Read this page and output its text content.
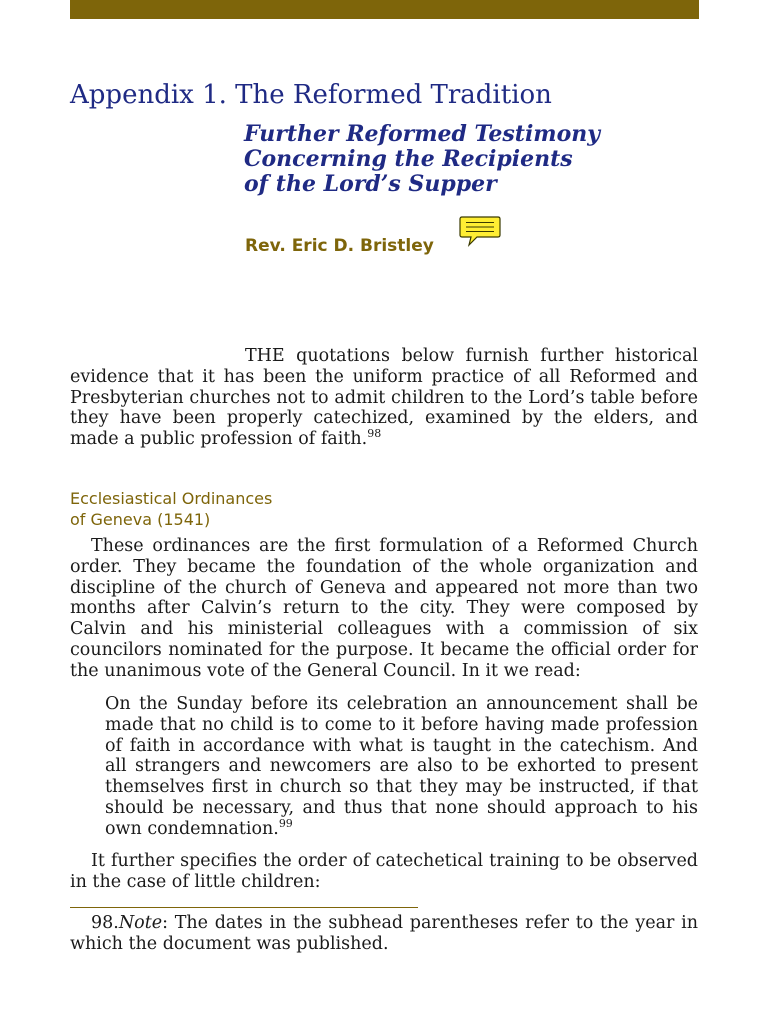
Appendix 1. The Reformed Tradition
Further Reformed Testimony
Concerning the Recipients
of the Lord’s Supper
Rev. Eric D. Bristley

THE quotations below furnish further historical evidence that it has been the uniform practice of all Reformed and Presbyterian churches not to admit children to the Lord’s table before they have been properly catechized, examined by the elders, and made a public profession of faith.$^{98}$

Ecclesiastical Ordinances
of Geneva (1541)

These ordinances are the first formulation of a Reformed Church order. They became the foundation of the whole organization and discipline of the church of Geneva and appeared not more than two months after Calvin’s return to the city. They were composed by Calvin and his ministerial colleagues with a commission of six councilors nominated for the purpose. It became the official order for the unanimous vote of the General Council. In it we read:

On the Sunday before its celebration an announcement shall be made that no child is to come to it before having made profession of faith in accordance with what is taught in the catechism. And all strangers and newcomers are also to be exhorted to present themselves first in church so that they may be instructed, if that should be necessary, and thus that none should approach to his own condemnation.$^{99}$

It further specifies the order of catechetical training to be observed in the case of little children:

98.Note: The dates in the subhead parentheses refer to the year in which the document was published.
